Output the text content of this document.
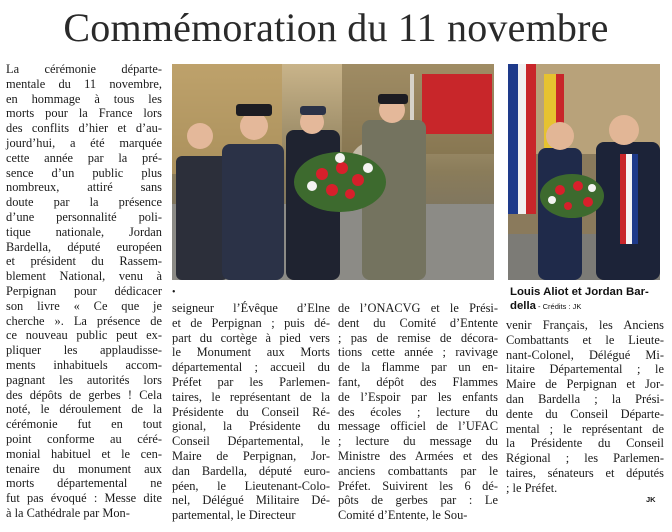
Commémoration du 11 novembre
La cérémonie départe-
mentale du 11 novembre,
en hommage à tous les
morts pour la France lors
des conflits d’hier et d’au-
jourd’hui, a été marquée
cette année par la pré-
sence d’un public plus
nombreux, attiré sans
doute par la présence
d’une personnalité poli-
tique nationale, Jordan
Bardella, député européen
et président du Rassem-
blement National, venu à
Perpignan pour dédicacer
son livre « Ce que je
cherche ». La présence de
ce nouveau public peut ex-
pliquer les applaudisse-
ments inhabituels accom-
pagnant les autorités lors
des dépôts de gerbes ! Cela
noté, le déroulement de la
cérémonie fut en tout
point conforme au céré-
monial habituel et le cen-
tenaire du monument aux
morts départemental ne
fut pas évoqué : Messe dite
à la Cathédrale par Mon-
Louis Aliot et Jordan Bar-
della - Crédits : JK
•
seigneur l’Évêque d’Elne
et de Perpignan ; puis dé-
part du cortège à pied vers
le Monument aux Morts
départemental ; accueil du
Préfet par les Parlemen-
taires, le représentant de la
Présidente du Conseil Ré-
gional, la Présidente du
Conseil Départemental, le
Maire de Perpignan, Jor-
dan Bardella, député euro-
péen, le Lieutenant-Colo-
nel, Délégué Militaire Dé-
partemental, le Directeur
de l’ONACVG et le Prési-
dent du Comité d’Entente
; pas de remise de décora-
tions cette année ; ravivage
de la flamme par un en-
fant, dépôt des Flammes
de l’Espoir par les enfants
des écoles ; lecture du
message officiel de l’UFAC
; lecture du message du
Ministre des Armées et des
anciens combattants par le
Préfet. Suivirent les 6 dé-
pôts de gerbes par : Le
Comité d’Entente, le Sou-
venir Français, les Anciens
Combattants et le Lieute-
nant-Colonel, Délégué Mi-
litaire Départemental ; le
Maire de Perpignan et Jor-
dan Bardella ; la Prési-
dente du Conseil Départe-
mental ; le représentant de
la Présidente du Conseil
Régional ; les Parlemen-
taires, sénateurs et députés
; le Préfet.
JK
